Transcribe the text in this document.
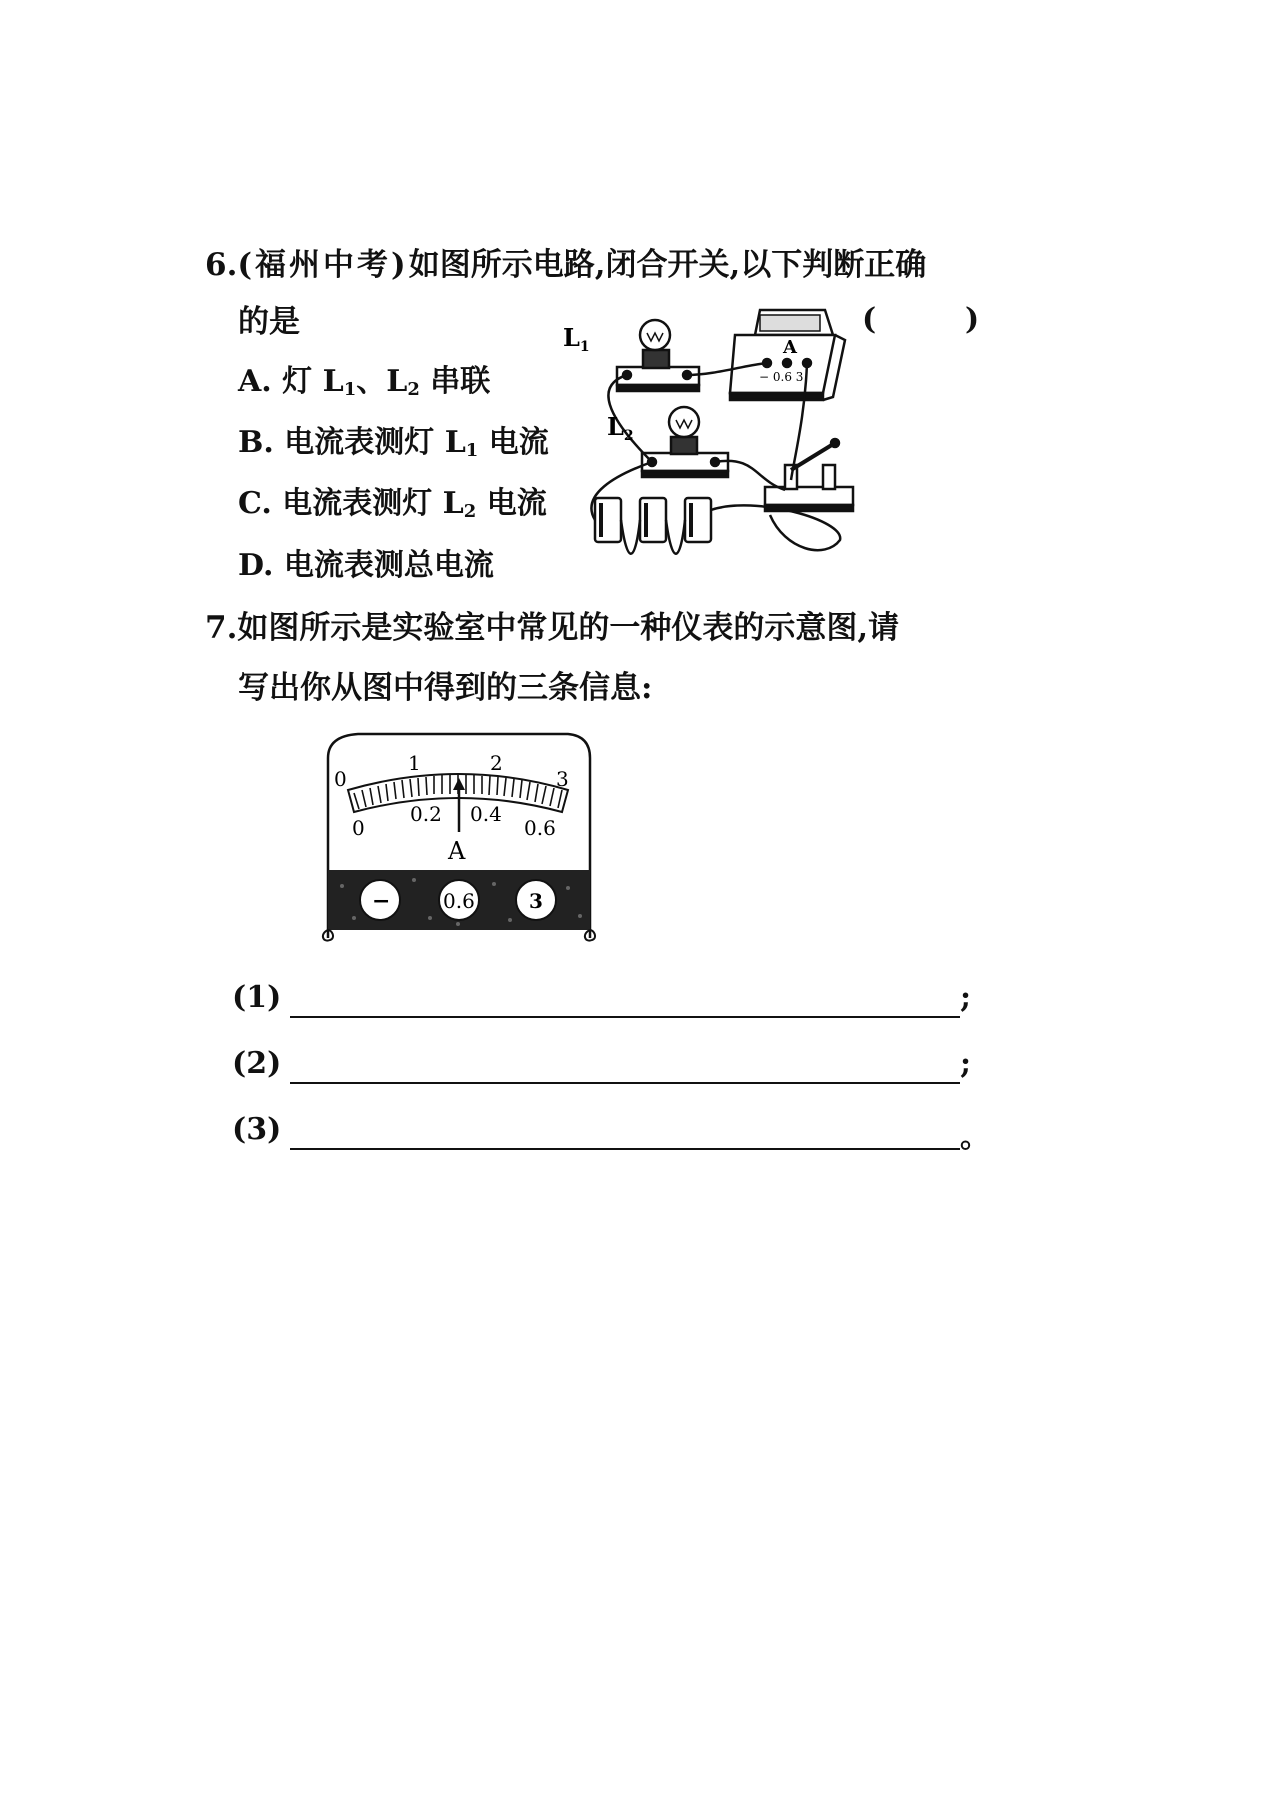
6.(福州中考)如图所示电路,闭合开关,以下判断正确
的是	(	)
A. 灯 $L_1$、$L_2$ 串联
B. 电流表测灯 $L_1$ 电流
C. 电流表测灯 $L_2$ 电流
D. 电流表测总电流
$L_1$
$L_2$
A
− 0.6 3
7.如图所示是实验室中常见的一种仪表的示意图,请
写出你从图中得到的三条信息:
0
1	2
3
0
0.2 0.4
0.6
A
−	0.6	3
(1)	;
(2)	;
(3)	。
